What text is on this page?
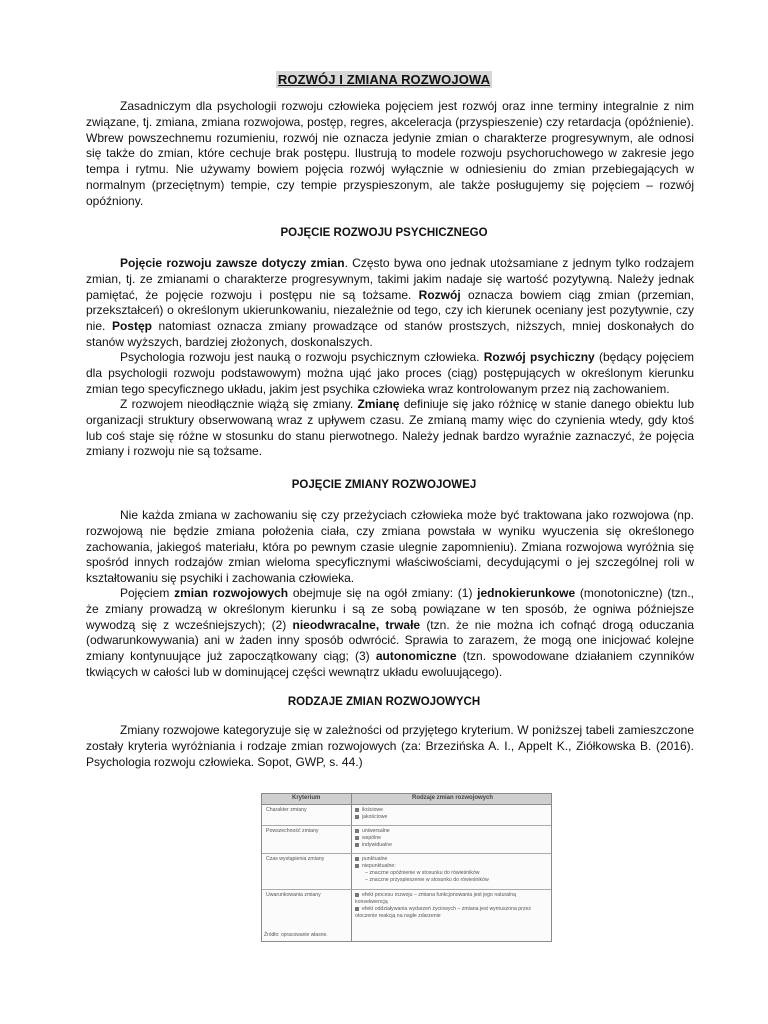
ROZWÓJ I ZMIANA ROZWOJOWA
Zasadniczym dla psychologii rozwoju człowieka pojęciem jest rozwój oraz inne terminy integralnie z nim związane, tj. zmiana, zmiana rozwojowa, postęp, regres, akceleracja (przyspieszenie) czy retardacja (opóźnienie). Wbrew powszechnemu rozumieniu, rozwój nie oznacza jedynie zmian o charakterze progresywnym, ale odnosi się także do zmian, które cechuje brak postępu. Ilustrują to modele rozwoju psychoruchowego w zakresie jego tempa i rytmu. Nie używamy bowiem pojęcia rozwój wyłącznie w odniesieniu do zmian przebiegających w normalnym (przeciętnym) tempie, czy tempie przyspieszonym, ale także posługujemy się pojęciem – rozwój opóźniony.
POJĘCIE ROZWOJU PSYCHICZNEGO
Pojęcie rozwoju zawsze dotyczy zmian. Często bywa ono jednak utożsamiane z jednym tylko rodzajem zmian, tj. ze zmianami o charakterze progresywnym, takimi jakim nadaje się wartość pozytywną. Należy jednak pamiętać, że pojęcie rozwoju i postępu nie są tożsame. Rozwój oznacza bowiem ciąg zmian (przemian, przekształceń) o określonym ukierunkowaniu, niezależnie od tego, czy ich kierunek oceniany jest pozytywnie, czy nie. Postęp natomiast oznacza zmiany prowadzące od stanów prostszych, niższych, mniej doskonałych do stanów wyższych, bardziej złożonych, doskonalszych.
Psychologia rozwoju jest nauką o rozwoju psychicznym człowieka. Rozwój psychiczny (będący pojęciem dla psychologii rozwoju podstawowym) można ująć jako proces (ciąg) postępujących w określonym kierunku zmian tego specyficznego układu, jakim jest psychika człowieka wraz kontrolowanym przez nią zachowaniem.
Z rozwojem nieodłącznie wiążą się zmiany. Zmianę definiuje się jako różnicę w stanie danego obiektu lub organizacji struktury obserwowaną wraz z upływem czasu. Ze zmianą mamy więc do czynienia wtedy, gdy ktoś lub coś staje się różne w stosunku do stanu pierwotnego. Należy jednak bardzo wyraźnie zaznaczyć, że pojęcia zmiany i rozwoju nie są tożsame.
POJĘCIE ZMIANY ROZWOJOWEJ
Nie każda zmiana w zachowaniu się czy przeżyciach człowieka może być traktowana jako rozwojowa (np. rozwojową nie będzie zmiana położenia ciała, czy zmiana powstała w wyniku wyuczenia się określonego zachowania, jakiegoś materiału, która po pewnym czasie ulegnie zapomnieniu). Zmiana rozwojowa wyróżnia się spośród innych rodzajów zmian wieloma specyficznymi właściwościami, decydującymi o jej szczególnej roli w kształtowaniu się psychiki i zachowania człowieka.
Pojęciem zmian rozwojowych obejmuje się na ogół zmiany: (1) jednokierunkowe (monotoniczne) (tzn., że zmiany prowadzą w określonym kierunku i są ze sobą powiązane w ten sposób, że ogniwa późniejsze wywodzą się z wcześniejszych); (2) nieodwracalne, trwałe (tzn. że nie można ich cofnąć drogą oduczania (odwarunkowywania) ani w żaden inny sposób odwrócić. Sprawia to zarazem, że mogą one inicjować kolejne zmiany kontynuujące już zapoczątkowany ciąg; (3) autonomiczne (tzn. spowodowane działaniem czynników tkwiących w całości lub w dominującej części wewnątrz układu ewoluującego).
RODZAJE ZMIAN ROZWOJOWYCH
Zmiany rozwojowe kategoryzuje się w zależności od przyjętego kryterium. W poniższej tabeli zamieszczone zostały kryteria wyróżniania i rodzaje zmian rozwojowych (za: Brzezińska A. I., Appelt K., Ziółkowska B. (2016). Psychologia rozwoju człowieka. Sopot, GWP, s. 44.)
Kryterium	Rodzaje zmian rozwojowych
Charakter zmiany	ilościowe
jakościowe
Powszechność zmiany	uniwersalne
wspólne
indywidualne
Czas wystąpienia zmiany	punktualne
niepunktualne:
– znaczne opóźnienie w stosunku do rówieśników
– znaczne przyspieszenie w stosunku do rówieśników
Uwarunkowania zmiany	efekt procesu rozwoju – zmiana funkcjonowania jest jego naturalną konsekwencją
efekt oddziaływania wydarzeń życiowych – zmiana jest wymuszona przez otoczenie reakcją na nagłe zdarzenie
Źródło: opracowanie własne.
